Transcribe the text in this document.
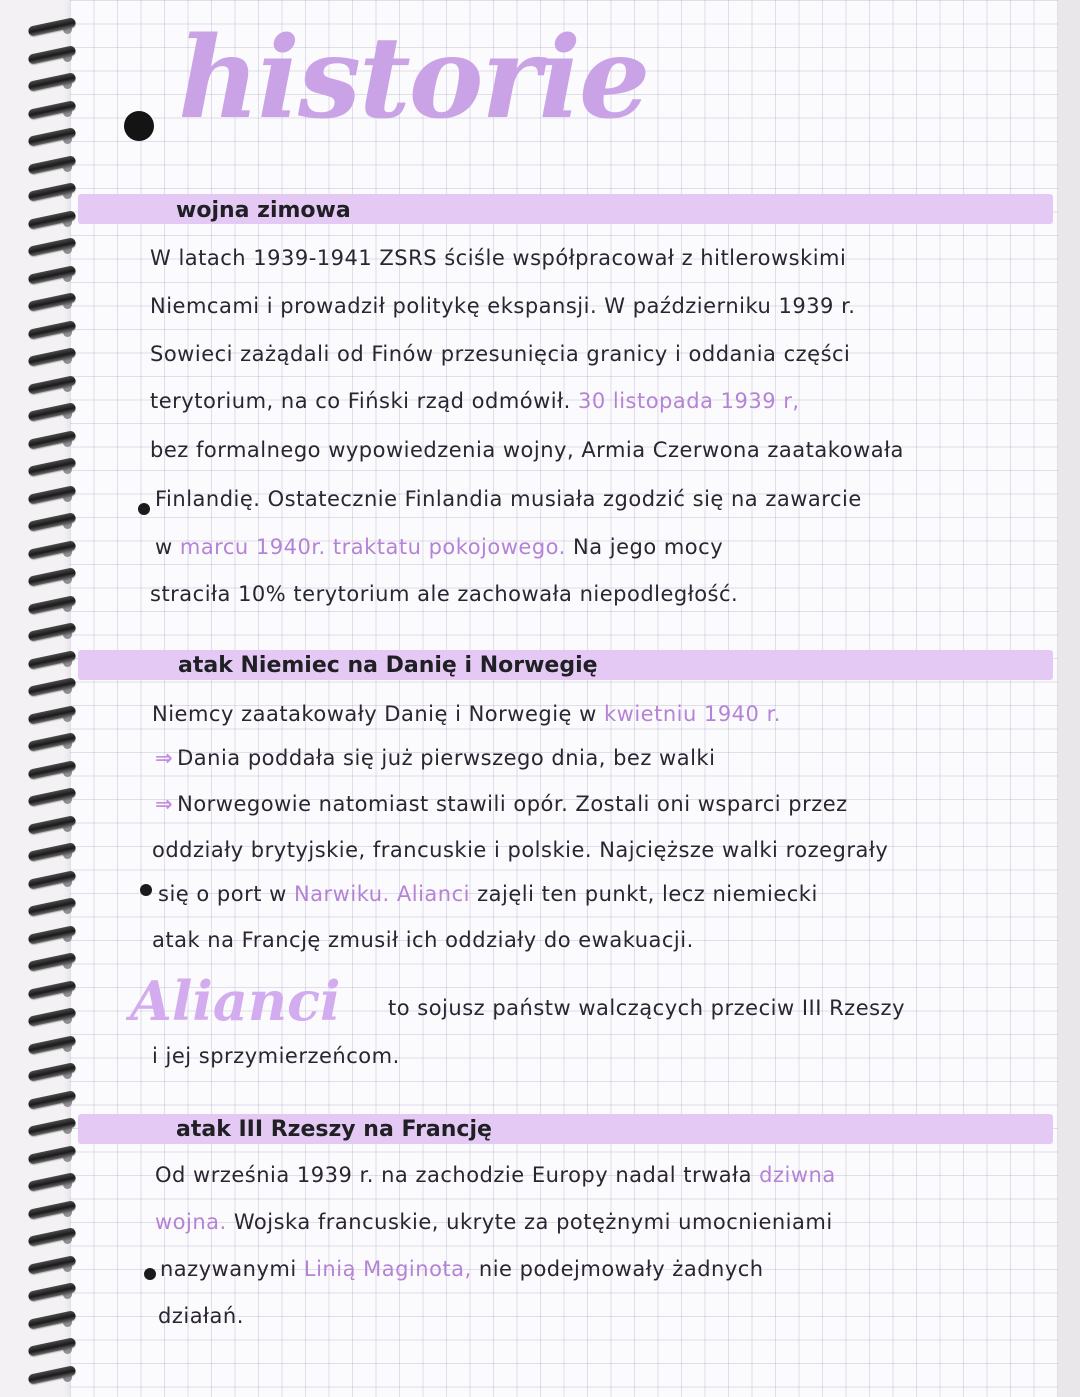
historie
wojna zimowa
W latach 1939-1941 ZSRS ściśle współpracował z hitlerowskimi
Niemcami i prowadził politykę ekspansji. W październiku 1939 r.
Sowieci zażądali od Finów przesunięcia granicy i oddania części
terytorium, na co Fiński rząd odmówił. 30 listopada 1939 r,
bez formalnego wypowiedzenia wojny, Armia Czerwona zaatakowała
Finlandię. Ostatecznie Finlandia musiała zgodzić się na zawarcie
w marcu 1940r. traktatu pokojowego. Na jego mocy
straciła 10% terytorium ale zachowała niepodległość.
atak Niemiec na Danię i Norwegię
Niemcy zaatakowały Danię i Norwegię w kwietniu 1940 r.
⇒ Dania poddała się już pierwszego dnia, bez walki
⇒ Norwegowie natomiast stawili opór. Zostali oni wsparci przez
oddziały brytyjskie, francuskie i polskie. Najcięższe walki rozegrały
się o port w Narwiku. Alianci zajęli ten punkt, lecz niemiecki
atak na Francję zmusił ich oddziały do ewakuacji.
Alianci to sojusz państw walczących przeciw III Rzeszy
i jej sprzymierzeńcom.
atak III Rzeszy na Francję
Od września 1939 r. na zachodzie Europy nadal trwała dziwna
wojna. Wojska francuskie, ukryte za potężnymi umocnieniami
nazywanymi Linią Maginota, nie podejmowały żadnych
działań.
